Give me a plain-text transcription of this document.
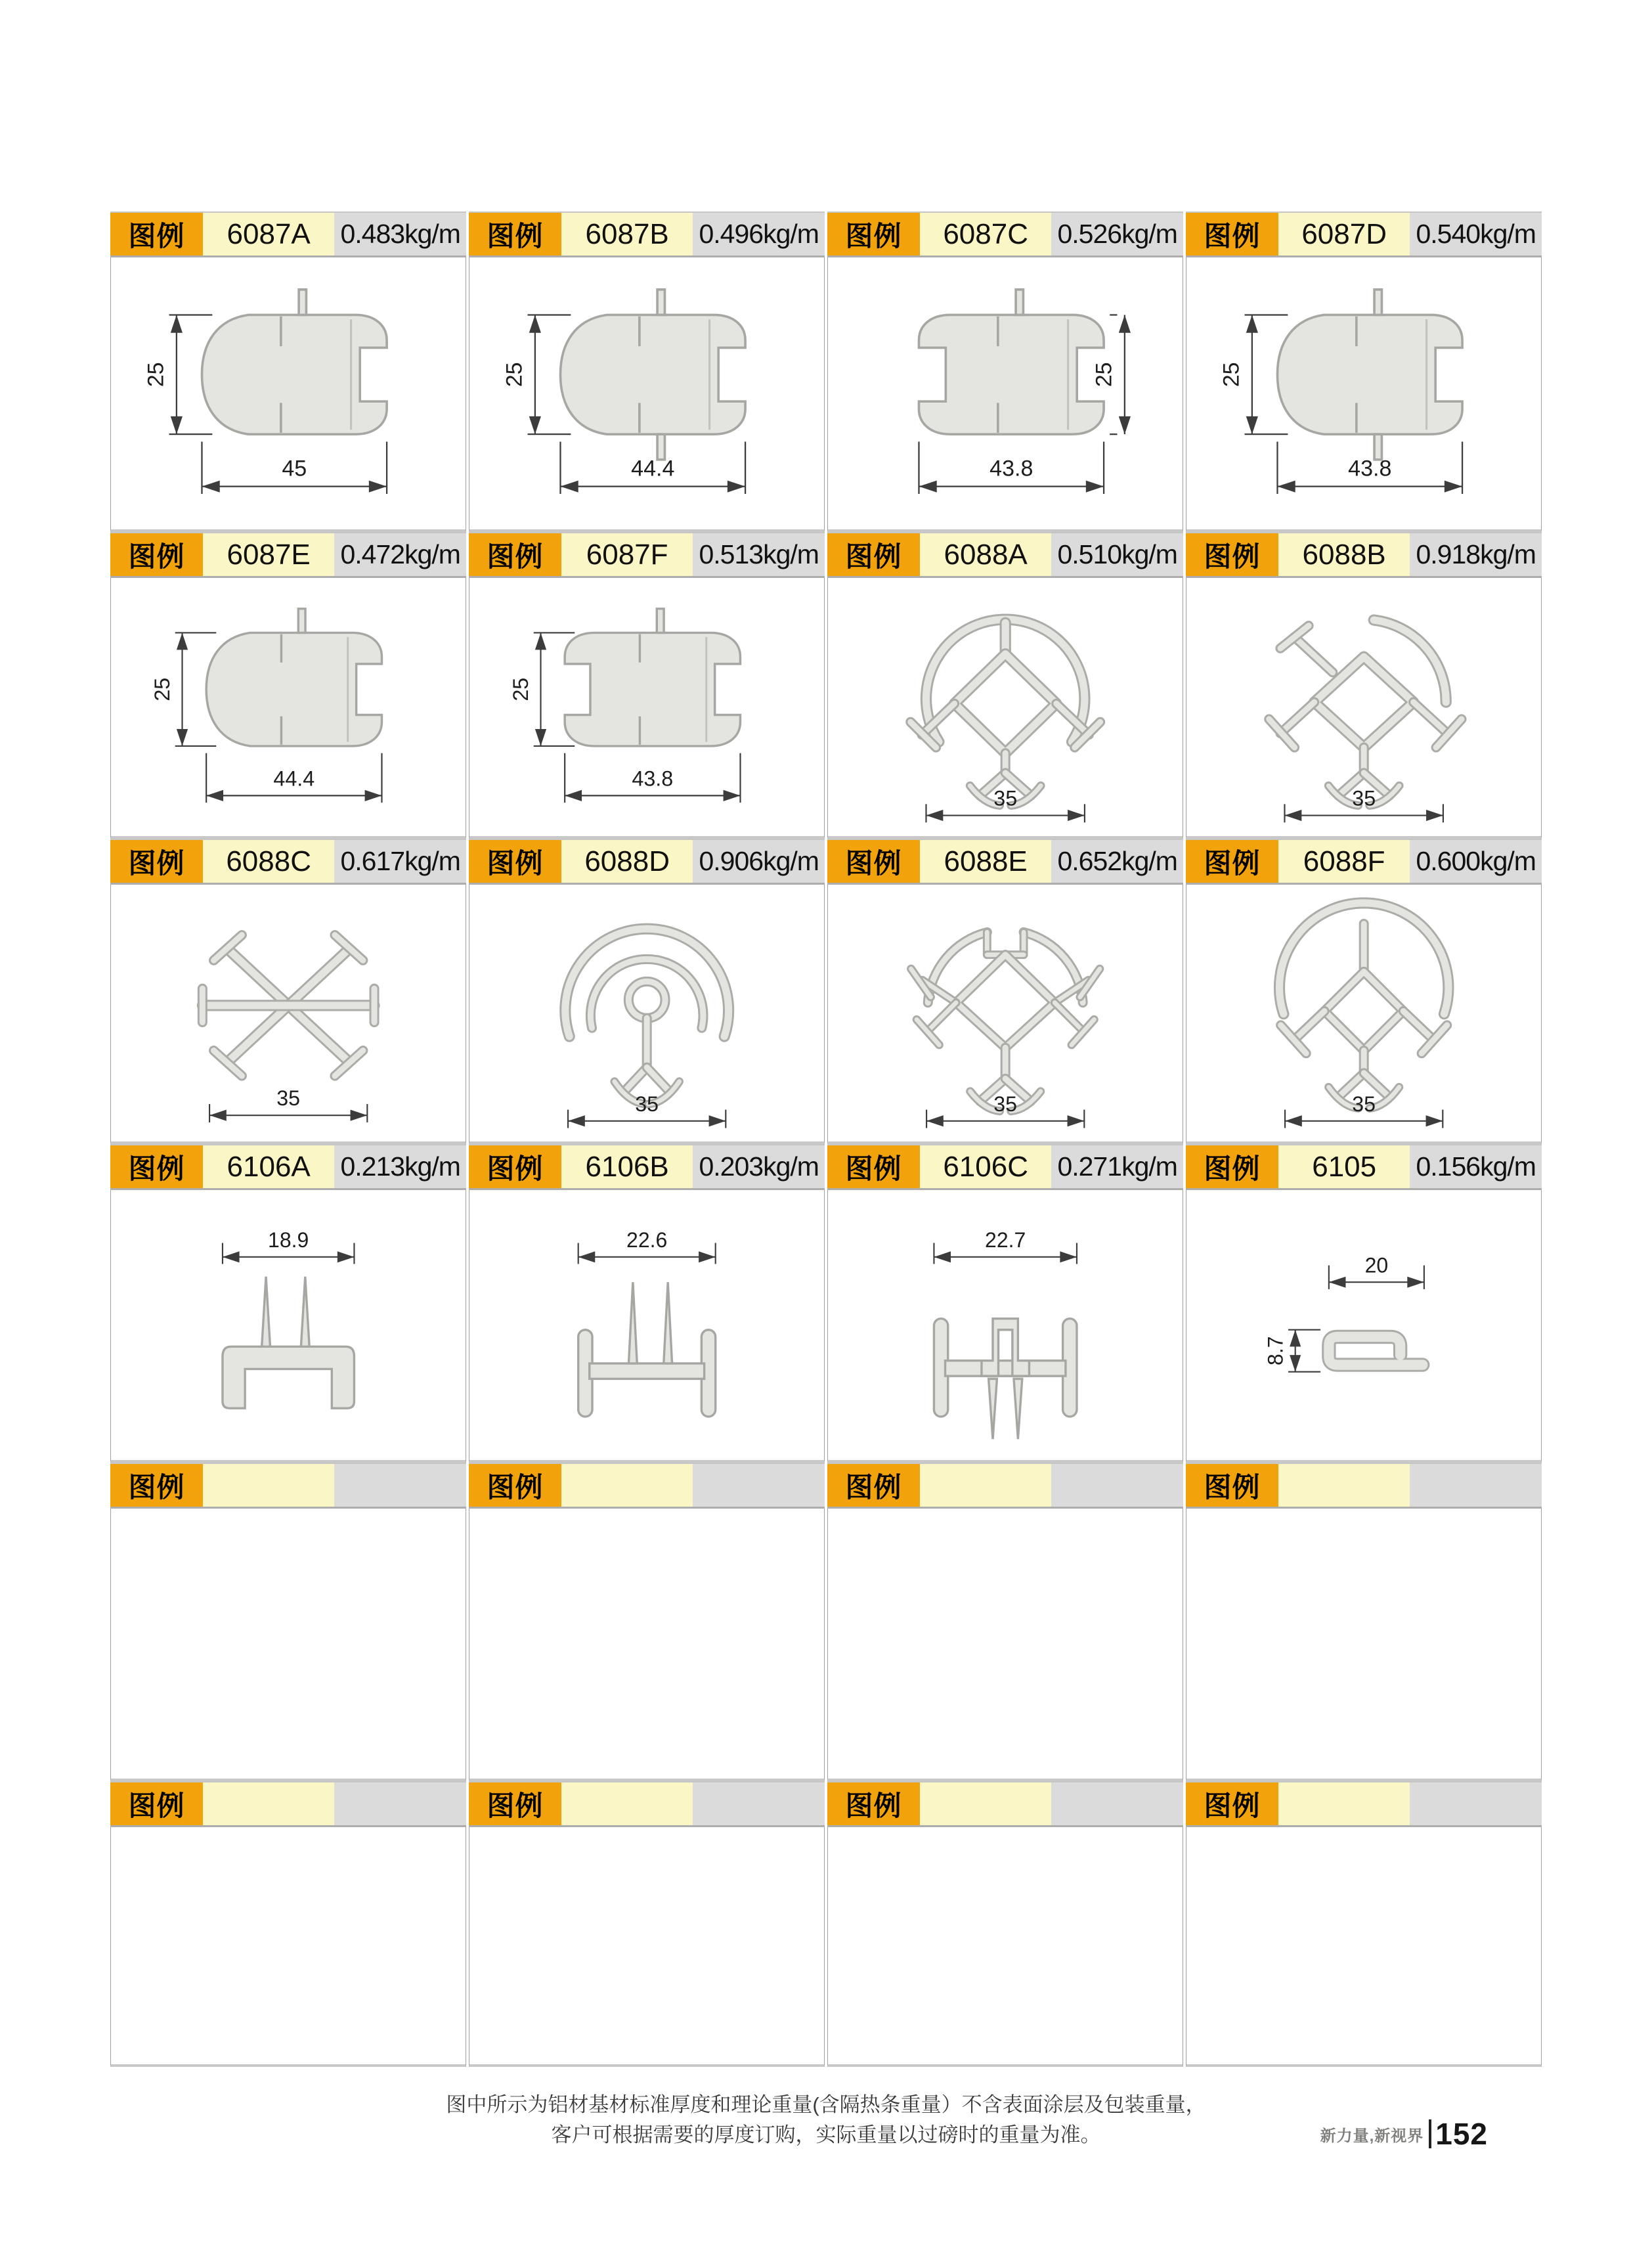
图例	6087A	0.483kg/m
25
45
图例	6087B	0.496kg/m
25
44.4
图例	6087C	0.526kg/m
25
43.8
图例	6087D	0.540kg/m
25
43.8
图例	6087E	0.472kg/m
25
44.4
图例	6087F	0.513kg/m
25
43.8
图例	6088A	0.510kg/m
35
图例	6088B	0.918kg/m
35
图例	6088C	0.617kg/m
35
图例	6088D	0.906kg/m
35
图例	6088E	0.652kg/m
35
图例	6088F	0.600kg/m
35
图例	6106A	0.213kg/m
18.9
图例	6106B	0.203kg/m
22.6
图例	6106C	0.271kg/m
22.7
图例	6105	0.156kg/m
20
8.7
图例	图例	图例	图例
图例	图例	图例	图例
图中所示为铝材基材标准厚度和理论重量(含隔热条重量）不含表面涂层及包装重量，
客户可根据需要的厚度订购，实际重量以过磅时的重量为准。	新力量,新视界 152
